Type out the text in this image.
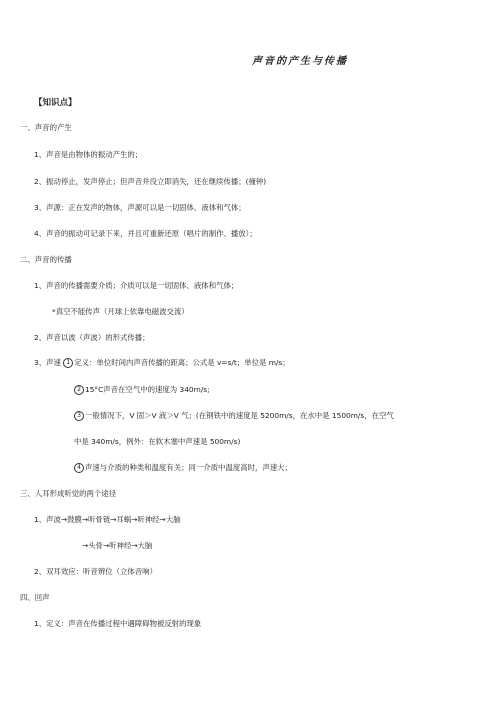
声音的产生与传播
【知识点】
一、声音的产生
1、声音是由物体的振动产生的；
2、振动停止，发声停止；但声音并没立即消失，还在继续传播；(撞钟)
3、声源：正在发声的物体，声源可以是一切固体、液体和气体；
4、声音的振动可记录下来，并且可重新还原（唱片的制作、播放）；
二、声音的传播
1、声音的传播需要介质；介质可以是一切固体、液体和气体；
*真空不能传声（月球上依靠电磁波交流）
2、声音以波（声波）的形式传播；
3、声速 1 定义：单位时间内声音传播的距离；公式是 v=s/t；单位是 m/s；
2 15°C声音在空气中的速度为 340m/s;
3 一般情况下，V 固＞V 液＞V 气；(在钢铁中的速度是 5200m/s，在水中是 1500m/s，在空气
中是 340m/s，例外：在软木塞中声速是 500m/s)
4 声速与介质的种类和温度有关；同一介质中温度高时，声速大；
三、人耳形成听觉的两个途径
1、声波→鼓膜→听骨链→耳蜗→听神经→大脑
→头骨→听神经→大脑
2、双耳效应：听音辨位（立体音响）
四、回声
1、定义：声音在传播过程中遇障碍物被反射的现象
